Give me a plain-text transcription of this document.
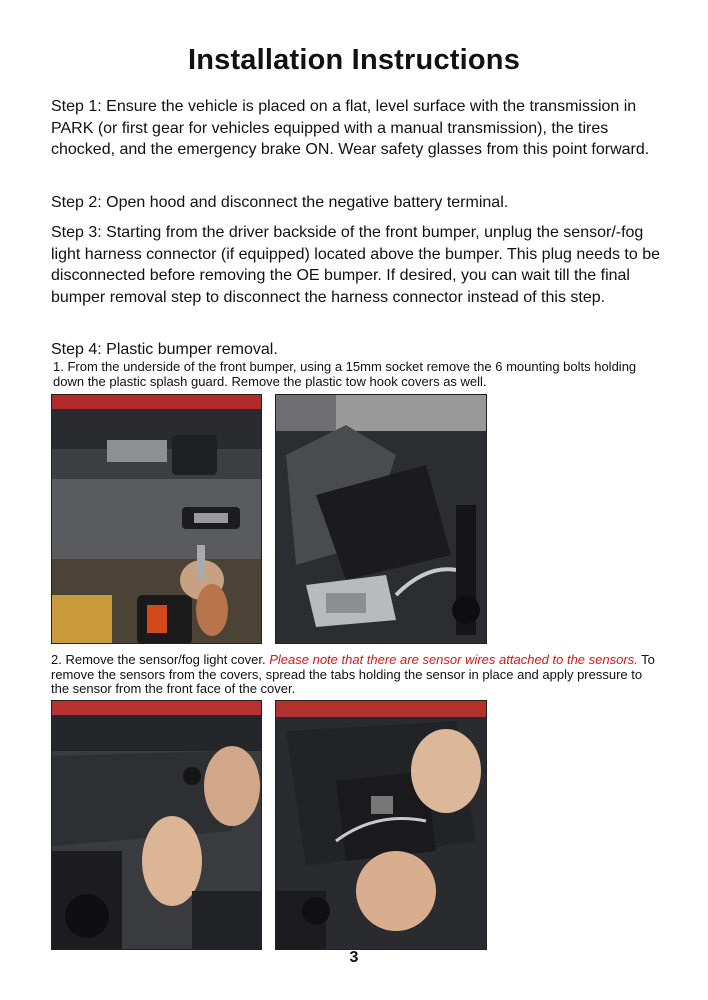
Installation Instructions

Step 1: Ensure the vehicle is placed on a flat, level surface with the transmission in PARK (or first gear for vehicles equipped with a manual transmission), the tires chocked, and the emergency brake ON. Wear safety glasses from this point forward.

Step 2: Open hood and disconnect the negative battery terminal.

Step 3: Starting from the driver backside of the front bumper, unplug the sensor/-fog light harness connector (if equipped) located above the bumper. This plug needs to be disconnected before removing the OE bumper. If desired, you can wait till the final bumper removal step to disconnect the harness connector instead of this step.

Step 4: Plastic bumper removal.

1. From the underside of the front bumper, using a 15mm socket remove the 6 mounting bolts holding down the plastic splash guard. Remove the plastic tow hook covers as well.

2. Remove the sensor/fog light cover. Please note that there are sensor wires attached to the sensors. To remove the sensors from the covers, spread the tabs holding the sensor in place and apply pressure to the sensor from the front face of the cover.

3
